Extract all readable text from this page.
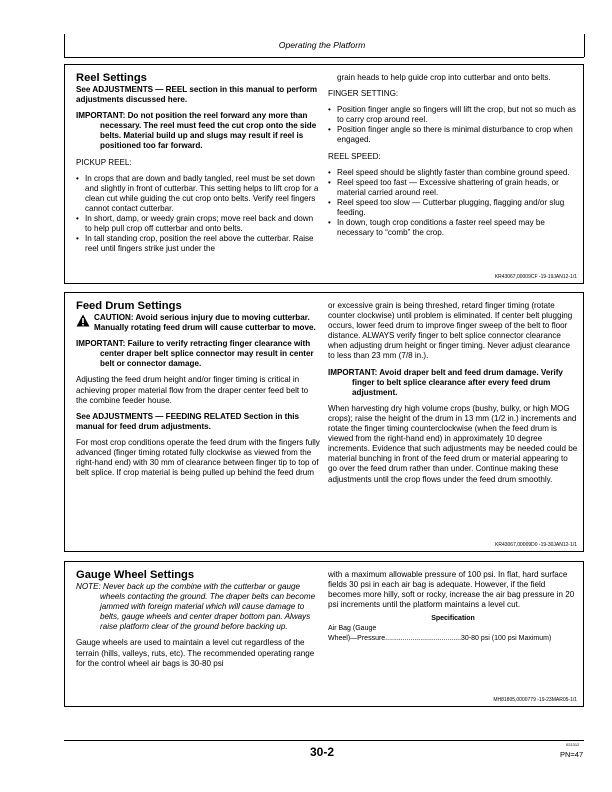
Operating the Platform

Reel Settings

See ADJUSTMENTS — REEL section in this manual to perform adjustments discussed here.

IMPORTANT: Do not position the reel forward any more than necessary. The reel must feed the cut crop onto the side belts. Material build up and slugs may result if reel is positioned too far forward.

PICKUP REEL:

• In crops that are down and badly tangled, reel must be set down and slightly in front of cutterbar. This setting helps to lift crop for a clean cut while guiding the cut crop onto belts. Verify reel fingers cannot contact cutterbar.
• In short, damp, or weedy grain crops; move reel back and down to help pull crop off cutterbar and onto belts.
• In tall standing crop, position the reel above the cutterbar. Raise reel until fingers strike just under the

grain heads to help guide crop into cutterbar and onto belts.

FINGER SETTING:

• Position finger angle so fingers will lift the crop, but not so much as to carry crop around reel.
• Position finger angle so there is minimal disturbance to crop when engaged.

REEL SPEED:

• Reel speed should be slightly faster than combine ground speed.
• Reel speed too fast — Excessive shattering of grain heads, or material carried around reel.
• Reel speed too slow — Cutterbar plugging, flagging and/or slug feeding.
• In down, tough crop conditions a faster reel speed may be necessary to “comb” the crop.
KR43067,00009CF -19-19JAN12-1/1

Feed Drum Settings

CAUTION: Avoid serious injury due to moving cutterbar. Manually rotating feed drum will cause cutterbar to move.

IMPORTANT: Failure to verify retracting finger clearance with center draper belt splice connector may result in center belt or connector damage.

Adjusting the feed drum height and/or finger timing is critical in achieving proper material flow from the draper center feed belt to the combine feeder house.

See ADJUSTMENTS — FEEDING RELATED Section in this manual for feed drum adjustments.

For most crop conditions operate the feed drum with the fingers fully advanced (finger timing rotated fully clockwise as viewed from the right-hand end) with 30 mm of clearance between finger tip to top of belt splice. If crop material is being pulled up behind the feed drum

or excessive grain is being threshed, retard finger timing (rotate counter clockwise) until problem is eliminated. If center belt plugging occurs, lower feed drum to improve finger sweep of the belt to floor distance. ALWAYS verify finger to belt splice connector clearance when adjusting drum height or finger timing. Never adjust clearance to less than 23 mm (7/8 in.).

IMPORTANT: Avoid draper belt and feed drum damage. Verify finger to belt splice clearance after every feed drum adjustment.

When harvesting dry high volume crops (bushy, bulky, or high MOG crops); raise the height of the drum in 13 mm (1/2 in.) increments and rotate the finger timing counterclockwise (when the feed drum is viewed from the right-hand end) in approximately 10 degree increments. Evidence that such adjustments may be needed could be material bunching in front of the feed drum or material appearing to go over the feed drum rather than under. Continue making these adjustments until the crop flows under the feed drum smoothly.

KR43067,00009D0 -19-30JAN12-1/1

Gauge Wheel Settings

NOTE: Never back up the combine with the cutterbar or gauge wheels contacting the ground. The draper belts can become jammed with foreign material which will cause damage to belts, gauge wheels and center draper bottom pan. Always raise platform clear of the ground before backing up.

Gauge wheels are used to maintain a level cut regardless of the terrain (hills, valleys, ruts, etc). The recommended operating range for the control wheel air bags is 30-80 psi

with a maximum allowable pressure of 100 psi. In flat, hard surface fields 30 psi in each air bag is adequate. However, if the field becomes more hilly, soft or rocky, increase the air bag pressure in 20 psi increments until the platform maintains a level cut.

Specification

Air Bag (Gauge

Wheel)—Pressure.......................................30-80 psi (100 psi Maximum)

MH81805,0000779 -19-23MAR05-1/1
30-2
021312
PN=47
